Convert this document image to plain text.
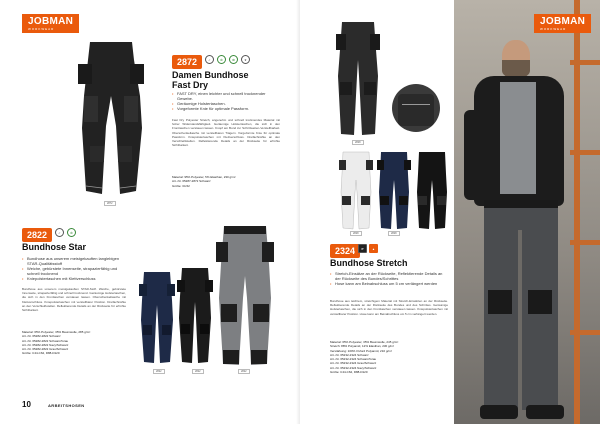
JOBMAN
WORKWEAR
2872
2872	✓	♻	✿	★
Damen Bundhose
Fast Dry
• FAST DRY, einen leichter und schnell trocknender Gewebe.
• Geräumige Holstertaschen.
• Vorgeformte Knie für optimale Passform.
Fast Dry Polyester Stretch, angenehm und schnell trocknendes Material mit hoher Widerstandsfähigkeit. Geräumige Holstertaschen, die sich in den Fronttaschen verstauen lassen. Knopf am Bund zur Schrittweiten-Verstellbarkeit. Oberschenkeltasche mit verstellbaren Trägern. Vorgeformte Knie für optimale Passform. Kniepolstertaschen mit Klettverschluss. Dreifachnähte an den Verschleißstellen. Reflektierende Details an der Rückseite für erhöhte Sichtbarkeit.
Material: 95% Polyester, 5% Elasthan, 230 g/m²
Art.-Nr. 65287-2872 Schwarz
Größe: 34-52
2822	✓	♻
Bundhose Star
• Bundhose aus unserem meistgekauften langlebigen STAR-Qualitätsstoff
• Weiche, gebürstete Innenseite, strapazierfähig und schnell trocknend
• Kniepolstertaschen mit Klettverschluss
Bundhose aus unserem meistgekauften STAR-Stoff. Weiche, gebürstete Innenseite, strapazierfähig und schnell trocknend. Geräumige Holstertaschen, die sich in den Fronttaschen verstauen lassen. Oberschenkeltasche mit Klettverschluss. Kniepolstertaschen mit verstellbarer Position. Dreifachnähte an den Verschleißstellen. Reflektierende Details an der Rückseite für erhöhte Sichtbarkeit.
Material: 65% Polyester, 35% Baumwolle, 285 g/m²
Art.-Nr. 65282-2822 Schwarz
Art.-Nr. 65282-2822 Schwarz/Grau
Art.-Nr. 65282-2822 Navy/Schwarz
Art.-Nr. 65282-2822 Grau/Schwarz
Größe: C44-C62, D88-D120
2822	2822	2822
10	ARBEITSHOSEN
2828
2828	2828
2324	P	▲
Bundhose Stretch
• Stretch-Einsätze an der Rückseite, Reflektierende Details an der Rückseite des Bundes/Schrittes
• Hose kann am Beinabschluss um 5 cm verlängert werden
Bundhose aus leichtem, stretchigem Material mit Stretch-Einsätzen an der Rückseite. Reflektierende Details an der Rückseite des Bundes und des Schrittes. Geräumige Holstertaschen, die sich in den Fronttaschen verstauen lassen. Kniepolstertaschen mit verstellbarer Position. Hose kann am Beinabschluss um 5 cm verlängert werden.
Material: 65% Polyester, 35% Baumwolle, 245 g/m²
Stretch: 88% Polyamid, 12% Elasthan, 230 g/m²
Verstärkung: 100% Oxford Polyamid, 210 g/m²
Art.-Nr. 65232-2324 Schwarz
Art.-Nr. 65232-2324 Schwarz/Grau
Art.-Nr. 65232-2324 Grau/Schwarz
Art.-Nr. 65232-2324 Navy/Schwarz
Größe: C44-C62, D88-D120
JOBMAN
WORKWEAR
